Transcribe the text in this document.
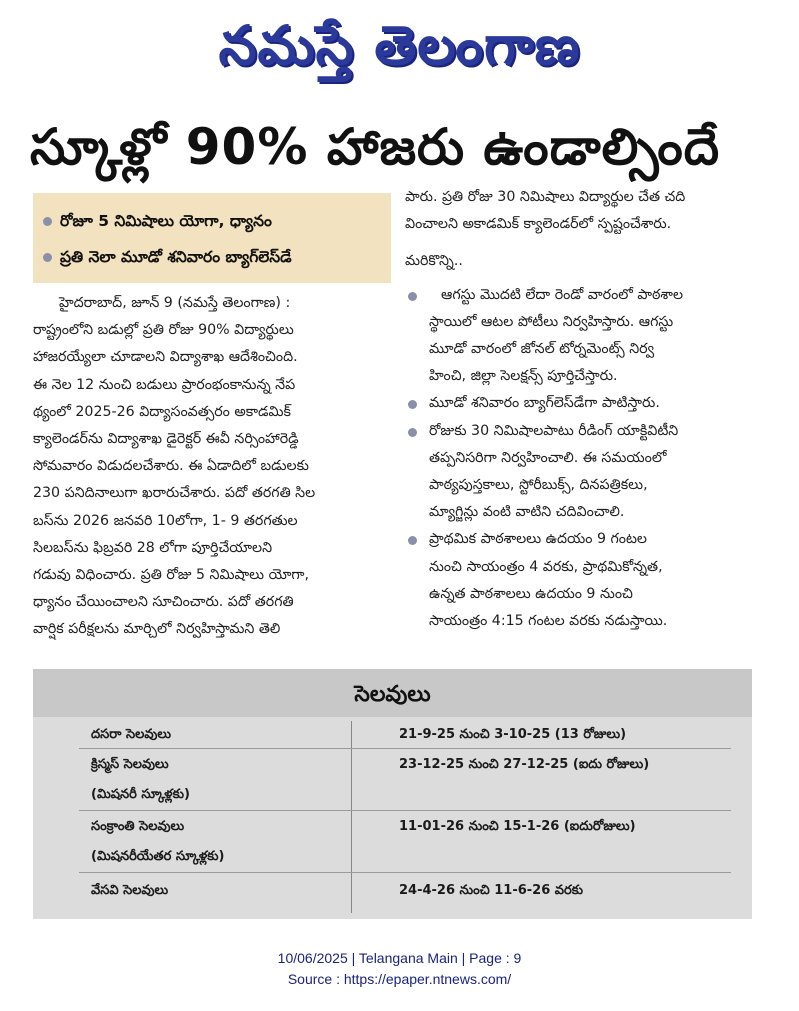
నమస్తే తెలంగాణ
స్కూళ్లో 90% హాజరు ఉండాల్సిందే
రోజూ 5 నిమిషాలు యోగా, ధ్యానం
ప్రతి నెలా మూడో శనివారం బ్యాగ్‌లెస్‌డే
హైదరాబాద్, జూన్ 9 (నమస్తే తెలంగాణ) :
రాష్ట్రంలోని బడుల్లో ప్రతి రోజు 90% విద్యార్థులు
హాజరయ్యేలా చూడాలని విద్యాశాఖ ఆదేశించింది.
ఈ నెల 12 నుంచి బడులు ప్రారంభంకానున్న నేప
థ్యంలో 2025-26 విద్యాసంవత్సరం అకాడమిక్
క్యాలెండర్‌ను విద్యాశాఖ డైరెక్టర్ ఈవీ నర్సింహారెడ్డి
సోమవారం విడుదలచేశారు. ఈ ఏడాదిలో బడులకు
230 పనిదినాలుగా ఖరారుచేశారు. పదో తరగతి సిల
బస్‌ను 2026 జనవరి 10లోగా, 1- 9 తరగతుల
సిలబస్‌ను ఫిబ్రవరి 28 లోగా పూర్తిచేయాలని
గడువు విధించారు. ప్రతి రోజు 5 నిమిషాలు యోగా,
ధ్యానం చేయించాలని సూచించారు. పదో తరగతి
వార్షిక పరీక్షలను మార్చిలో నిర్వహిస్తామని తెలి
పారు. ప్రతి రోజు 30 నిమిషాలు విద్యార్థుల చేత చది
వించాలని అకాడమిక్ క్యాలెండర్‌లో స్పష్టంచేశారు.
మరికొన్ని..
ఆగస్టు మొదటి లేదా రెండో వారంలో పాఠశాల
స్థాయిలో ఆటల పోటీలు నిర్వహిస్తారు. ఆగస్టు
మూడో వారంలో జోనల్ టోర్నమెంట్స్ నిర్వ
హించి, జిల్లా సెలక్షన్స్ పూర్తిచేస్తారు.
మూడో శనివారం బ్యాగ్‌లెస్‌డేగా పాటిస్తారు.
రోజుకు 30 నిమిషాలపాటు రీడింగ్ యాక్టివిటీని
తప్పనిసరిగా నిర్వహించాలి. ఈ సమయంలో
పాఠ్యపుస్తకాలు, స్టోరీబుక్స్, దినపత్రికలు,
మ్యాగ్జిన్లు వంటి వాటిని చదివించాలి.
ప్రాథమిక పాఠశాలలు ఉదయం 9 గంటల
నుంచి సాయంత్రం 4 వరకు, ప్రాథమికోన్నత,
ఉన్నత పాఠశాలలు ఉదయం 9 నుంచి
సాయంత్రం 4:15 గంటల వరకు నడుస్తాయి.
సెలవులు
దసరా సెలవులు	21-9-25 నుంచి 3-10-25 (13 రోజులు)
క్రిస్మస్ సెలవులు	23-12-25 నుంచి 27-12-25 (ఐదు రోజులు)
(మిషనరీ స్కూళ్లకు)
సంక్రాంతి సెలవులు	11-01-26 నుంచి 15-1-26 (ఐదురోజులు)
(మిషనరీయేతర స్కూళ్లకు)
వేసవి సెలవులు	24-4-26 నుంచి 11-6-26 వరకు
10/06/2025 | Telangana Main | Page : 9
Source : https://epaper.ntnews.com/
